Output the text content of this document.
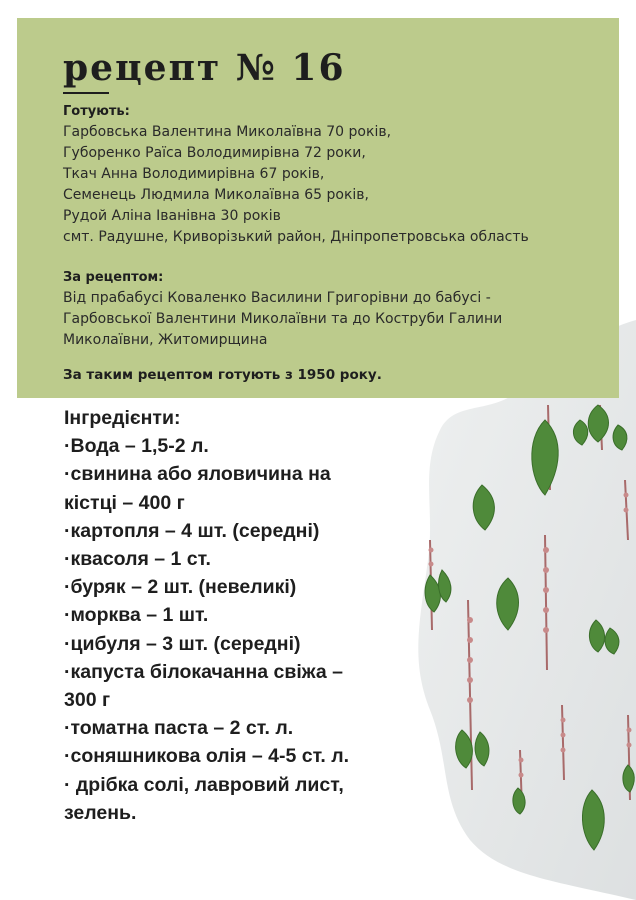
рецепт № 16

Готують:

Гарбовська Валентина Миколаївна 70 років,

Губоренко Раїса Володимирівна 72 роки,

Ткач Анна Володимирівна 67 років,

Семенець Людмила Миколаївна 65 років,

Рудой Аліна Іванівна 30 років

смт. Радушне, Криворізький район, Дніпропетровська область

За рецептом:

Від прабабусі Коваленко Василини Григорівни до бабусі -

Гарбовської Валентини Миколаївни та до Коструби Галини

Миколаївни, Житомирщина

За таким рецептом готують з 1950 року.

Інгредієнти:

·Вода – 1,5-2 л.

·свинина або яловичина на

кістці – 400 г

·картопля – 4 шт. (середні)

·квасоля – 1 ст.

·буряк – 2 шт. (невеликі)

·морква – 1 шт.

·цибуля – 3 шт. (середні)

·капуста білокачанна свіжа –

300 г

·томатна паста – 2 ст. л.

·соняшникова олія – 4-5 ст. л.

· дрібка солі, лавровий лист,

зелень.
